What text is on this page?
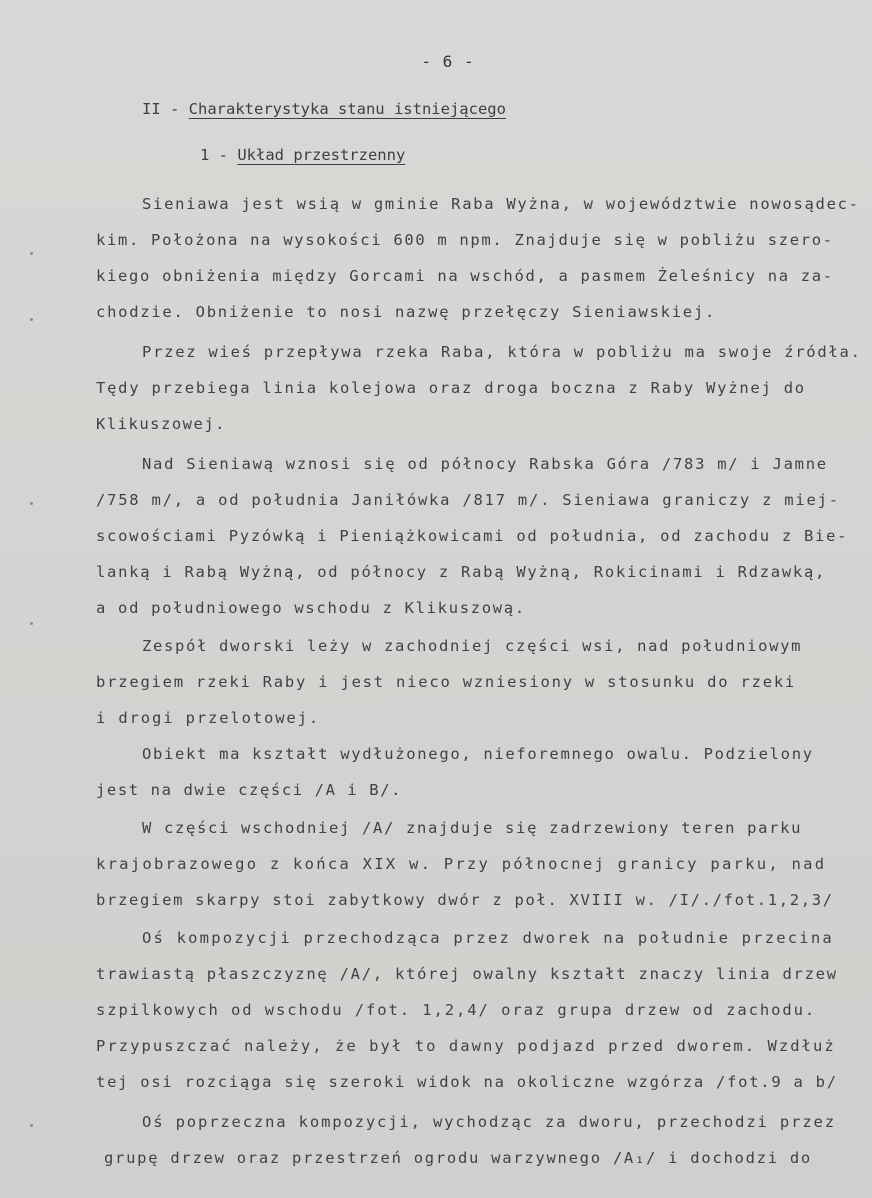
- 6 -
II - Charakterystyka stanu istniejącego
1 - Układ przestrzenny
Sieniawa jest wsią w gminie Raba Wyżna, w województwie nowosądec-
kim. Położona na wysokości 600 m npm. Znajduje się w pobliżu szero-
kiego obniżenia między Gorcami na wschód, a pasmem Żeleśnicy na za-
chodzie. Obniżenie to nosi nazwę przełęczy Sieniawskiej.
Przez wieś przepływa rzeka Raba, która w pobliżu ma swoje źródła.
Tędy przebiega linia kolejowa oraz droga boczna z Raby Wyżnej do
Klikuszowej.
Nad Sieniawą wznosi się od północy Rabska Góra /783 m/ i Jamne
/758 m/, a od południa Janiłówka /817 m/. Sieniawa graniczy z miej-
scowościami Pyzówką i Pieniążkowicami od południa, od zachodu z Bie-
lanką i Rabą Wyżną, od północy z Rabą Wyżną, Rokicinami i Rdzawką,
a od południowego wschodu z Klikuszową.
Zespół dworski leży w zachodniej części wsi, nad południowym
brzegiem rzeki Raby i jest nieco wzniesiony w stosunku do rzeki
i drogi przelotowej.
Obiekt ma kształt wydłużonego, nieforemnego owalu. Podzielony
jest na dwie części /A i B/.
W części wschodniej /A/ znajduje się zadrzewiony teren parku
krajobrazowego z końca XIX w. Przy północnej granicy parku, nad
brzegiem skarpy stoi zabytkowy dwór z poł. XVIII w. /I/./fot.1,2,3/
Oś kompozycji przechodząca przez dworek na południe przecina
trawiastą płaszczyznę /A/, której owalny kształt znaczy linia drzew
szpilkowych od wschodu /fot. 1,2,4/ oraz grupa drzew od zachodu.
Przypuszczać należy, że był to dawny podjazd przed dworem. Wzdłuż
tej osi rozciąga się szeroki widok na okoliczne wzgórza /fot.9 a b/
Oś poprzeczna kompozycji, wychodząc za dworu, przechodzi przez
grupę drzew oraz przestrzeń ogrodu warzywnego /A₁/ i dochodzi do
